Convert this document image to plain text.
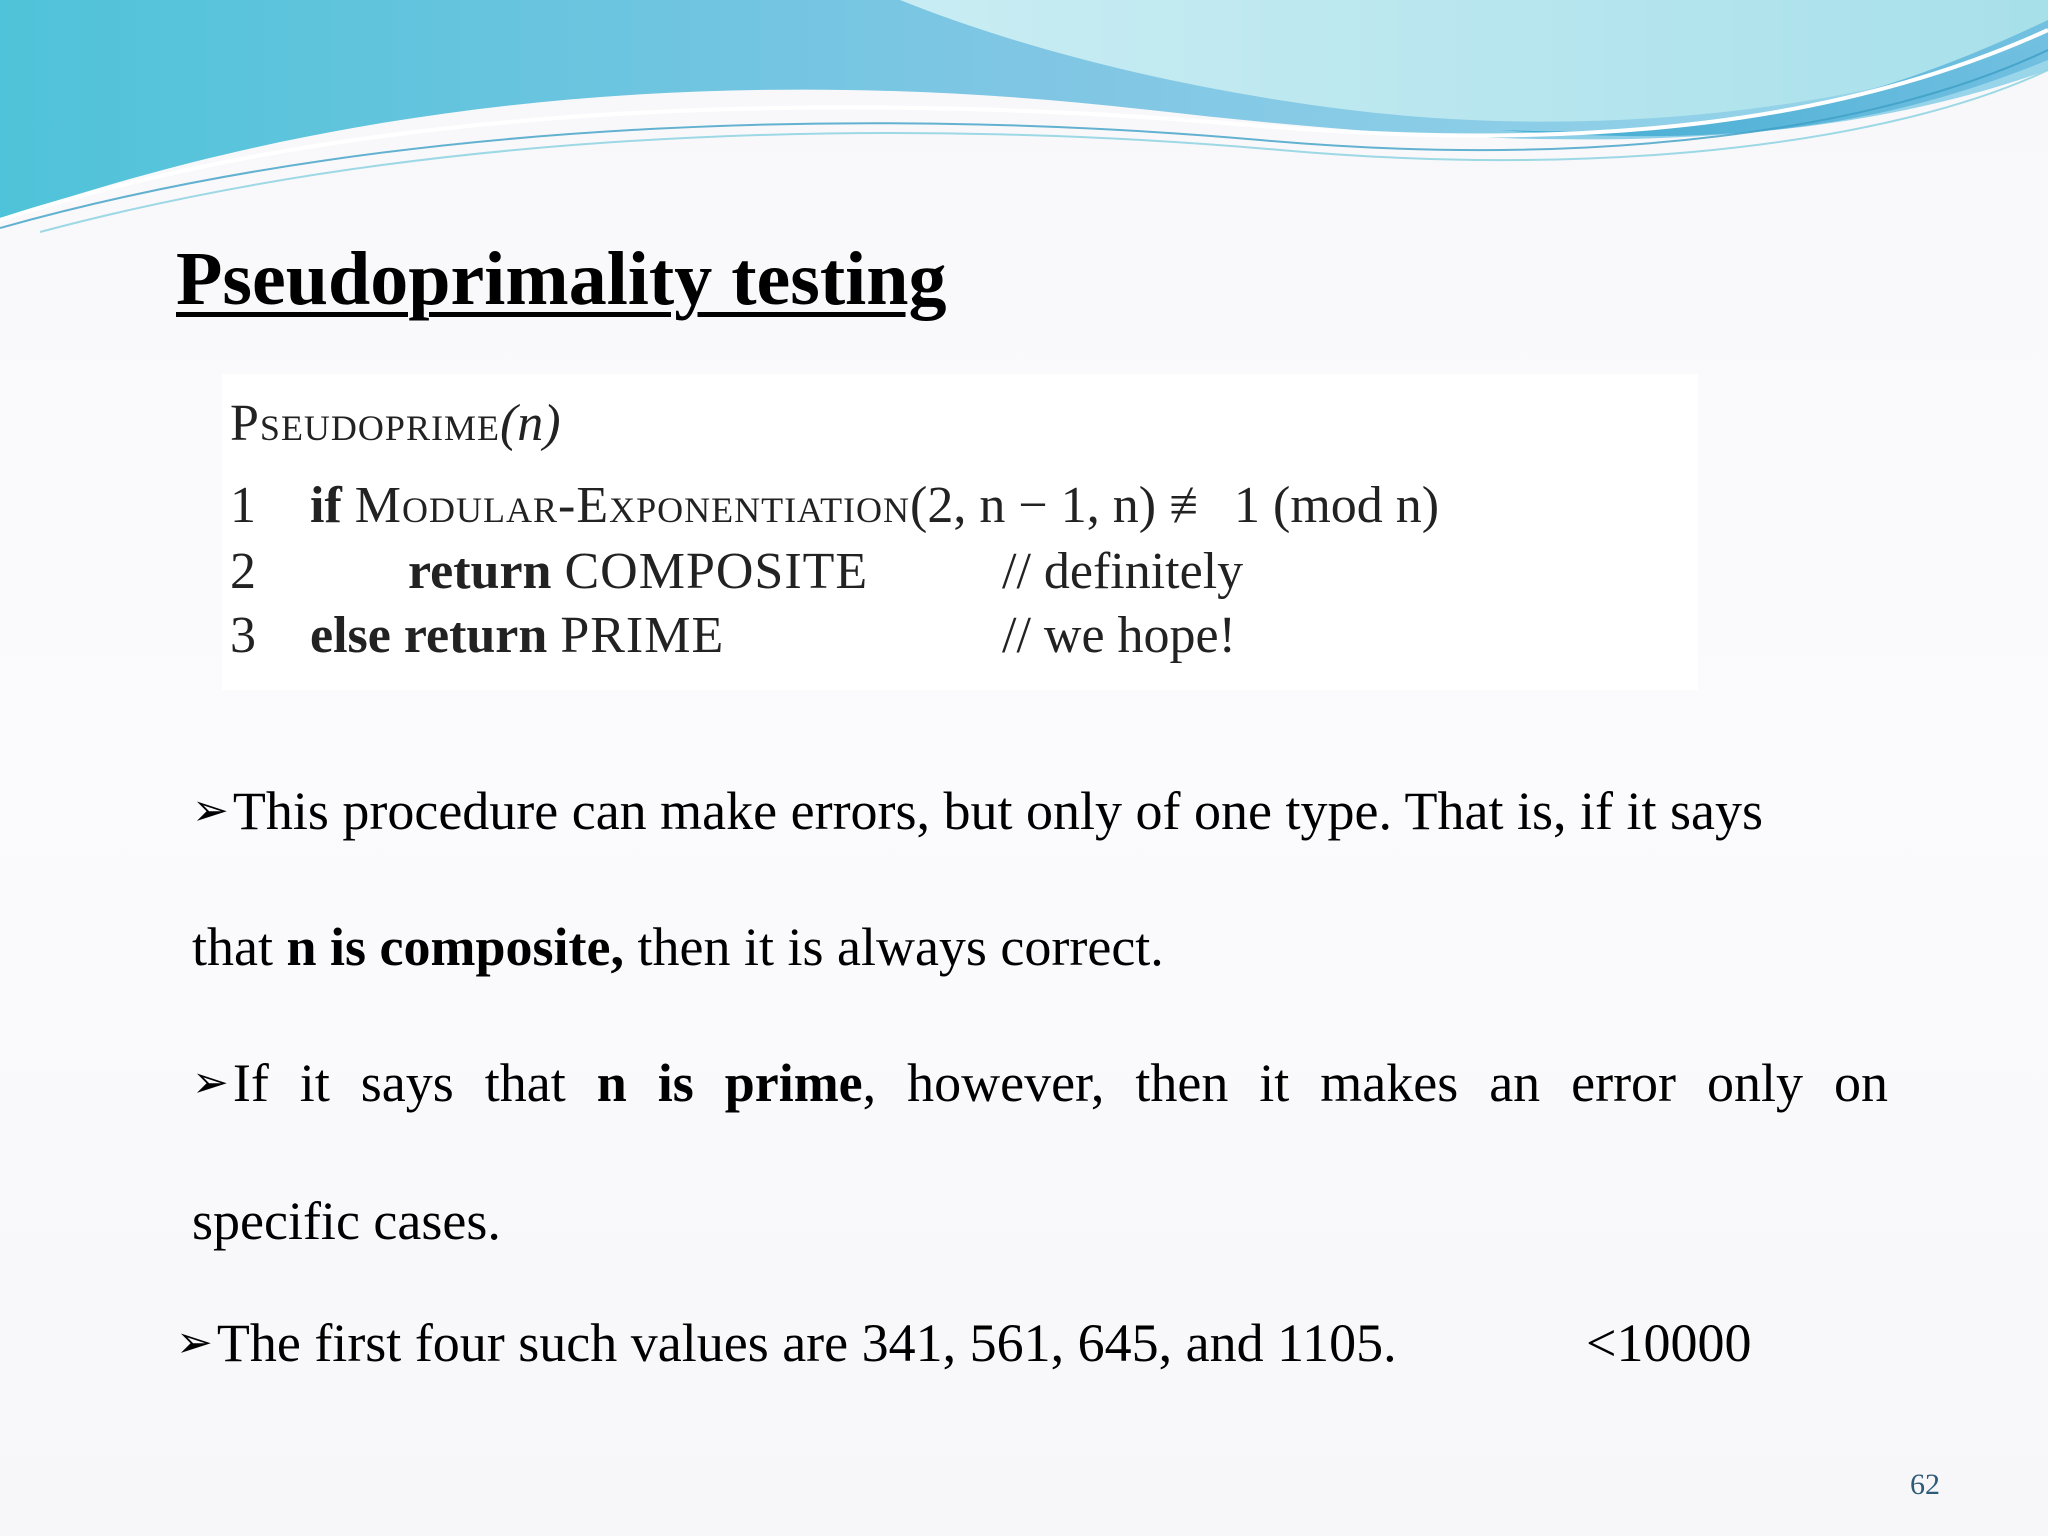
Pseudoprimality testing
Pseudoprime(n)
1 if Modular-Exponentiation(2, n − 1, n) ≢ 1 (mod n)
2	return COMPOSITE	// definitely
3 else return PRIME	// we hope!
➢This procedure can make errors, but only of one type. That is, if it says
that n is composite, then it is always correct.
➢If it says that n is prime, however, then it makes an error only on
specific cases.
➢The first four such values are 341, 561, 645, and 1105.	<10000
62
